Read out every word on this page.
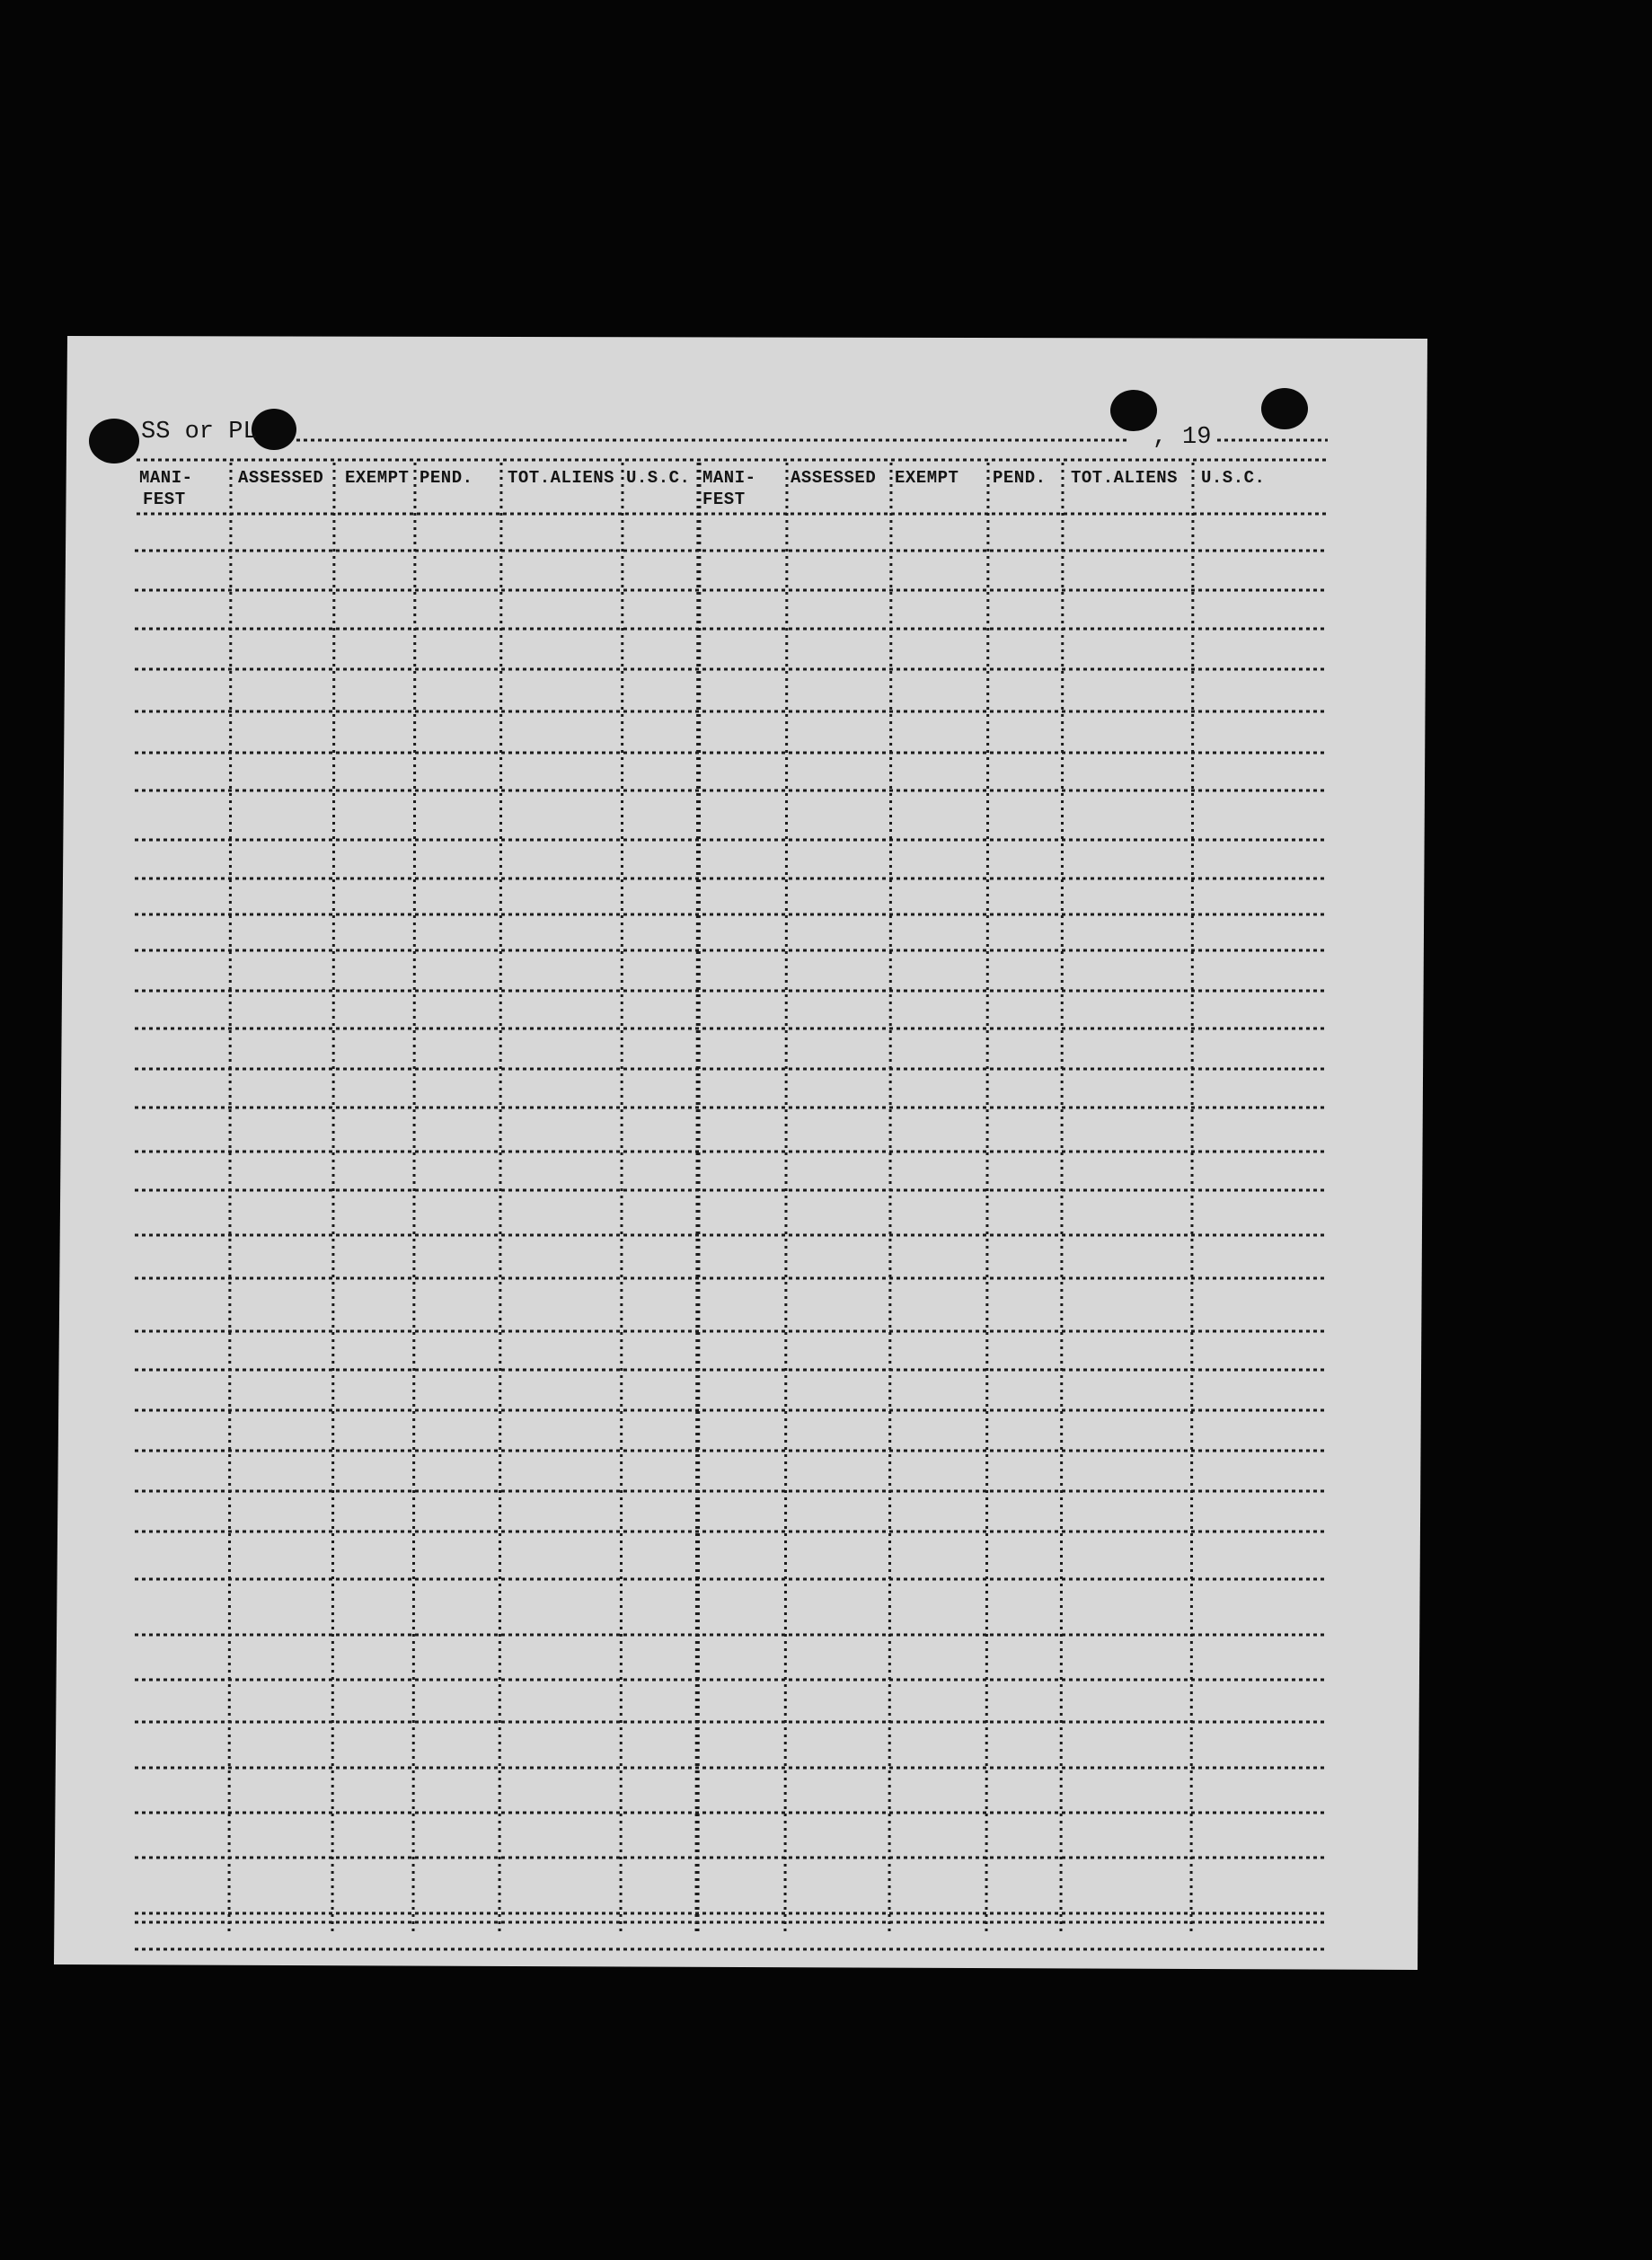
SS or PL	, 19
MANI-
FEST
ASSESSED EXEMPT PEND. TOT.ALIENS U.S.C. MANI-
FEST
ASSESSED EXEMPT PEND. TOT.ALIENS U.S.C.
